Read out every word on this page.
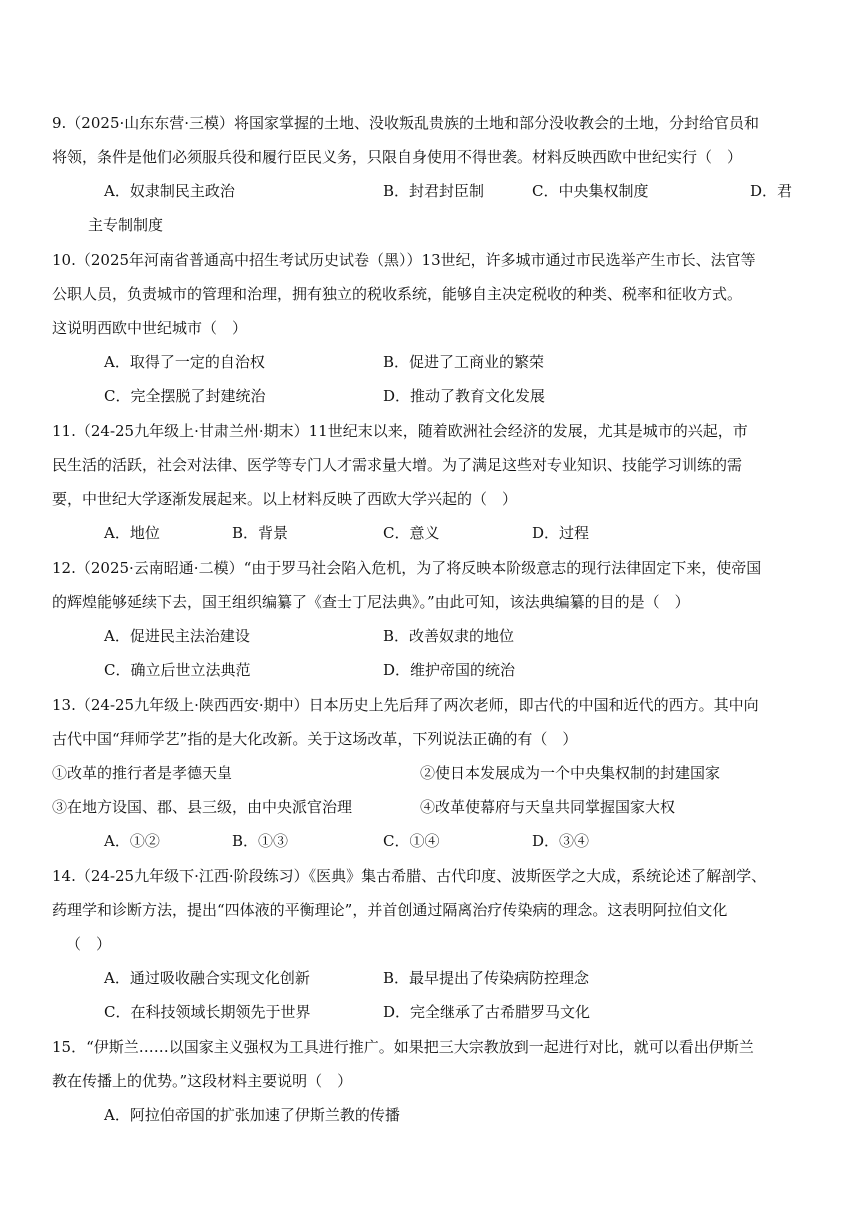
9.（2025·山东东营·三模）将国家掌握的土地、没收叛乱贵族的土地和部分没收教会的土地，分封给官员和
将领，条件是他们必须服兵役和履行臣民义务，只限自身使用不得世袭。材料反映西欧中世纪实行（　）
A．奴隶制民主政治	B．封君封臣制	C．中央集权制度	D．君
主专制制度
10.（2025年河南省普通高中招生考试历史试卷（黑））13世纪，许多城市通过市民选举产生市长、法官等
公职人员，负责城市的管理和治理，拥有独立的税收系统，能够自主决定税收的种类、税率和征收方式。
这说明西欧中世纪城市（　）
A．取得了一定的自治权	B．促进了工商业的繁荣
C．完全摆脱了封建统治	D．推动了教育文化发展
11.（24-25九年级上·甘肃兰州·期末）11世纪末以来，随着欧洲社会经济的发展，尤其是城市的兴起，市
民生活的活跃，社会对法律、医学等专门人才需求量大增。为了满足这些对专业知识、技能学习训练的需
要，中世纪大学逐渐发展起来。以上材料反映了西欧大学兴起的（　）
A．地位	B．背景	C．意义	D．过程
12.（2025·云南昭通·二模）“由于罗马社会陷入危机，为了将反映本阶级意志的现行法律固定下来，使帝国
的辉煌能够延续下去，国王组织编纂了《查士丁尼法典》。”由此可知，该法典编纂的目的是（　）
A．促进民主法治建设	B．改善奴隶的地位
C．确立后世立法典范	D．维护帝国的统治
13.（24-25九年级上·陕西西安·期中）日本历史上先后拜了两次老师，即古代的中国和近代的西方。其中向
古代中国“拜师学艺”指的是大化改新。关于这场改革，下列说法正确的有（　）
①改革的推行者是孝德天皇	②使日本发展成为一个中央集权制的封建国家
③在地方设国、郡、县三级，由中央派官治理	④改革使幕府与天皇共同掌握国家大权
A．①②	B．①③	C．①④	D．③④
14.（24-25九年级下·江西·阶段练习）《医典》集古希腊、古代印度、波斯医学之大成，系统论述了解剖学、
药理学和诊断方法，提出“四体液的平衡理论”，并首创通过隔离治疗传染病的理念。这表明阿拉伯文化
（　）
A．通过吸收融合实现文化创新	B．最早提出了传染病防控理念
C．在科技领域长期领先于世界	D．完全继承了古希腊罗马文化
15．“伊斯兰……以国家主义强权为工具进行推广。如果把三大宗教放到一起进行对比，就可以看出伊斯兰
教在传播上的优势。”这段材料主要说明（　）
A．阿拉伯帝国的扩张加速了伊斯兰教的传播
